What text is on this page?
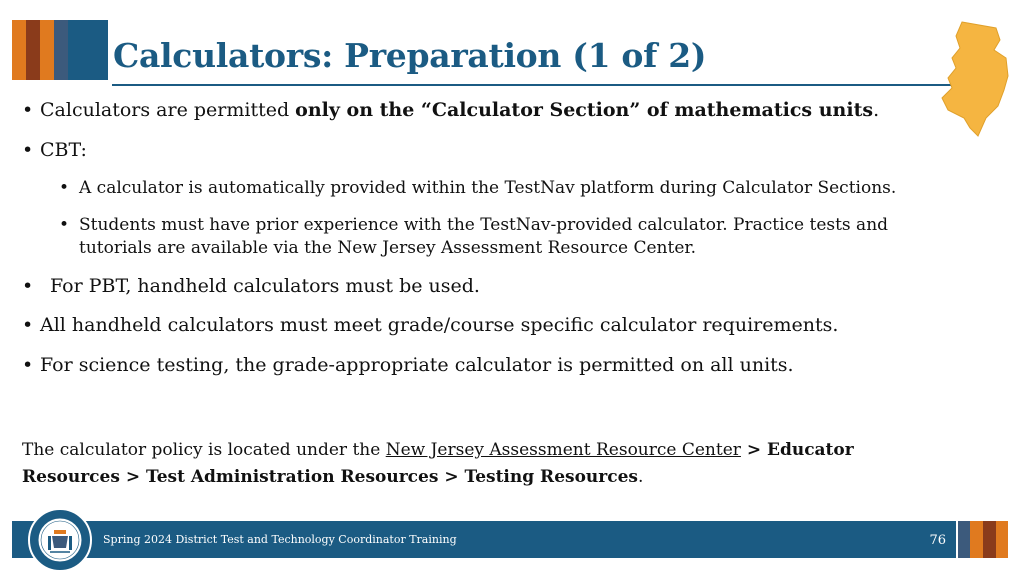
Calculators: Preparation (1 of 2)
• Calculators are permitted only on the “Calculator Section” of mathematics units.
• CBT:
• A calculator is automatically provided within the TestNav platform during Calculator Sections.
• Students must have prior experience with the TestNav-provided calculator. Practice tests and tutorials are available via the New Jersey Assessment Resource Center.
• For PBT, handheld calculators must be used.
• All handheld calculators must meet grade/course specific calculator requirements.
• For science testing, the grade-appropriate calculator is permitted on all units.
The calculator policy is located under the New Jersey Assessment Resource Center > Educator Resources > Test Administration Resources > Testing Resources.
Spring 2024 District Test and Technology Coordinator Training	76
